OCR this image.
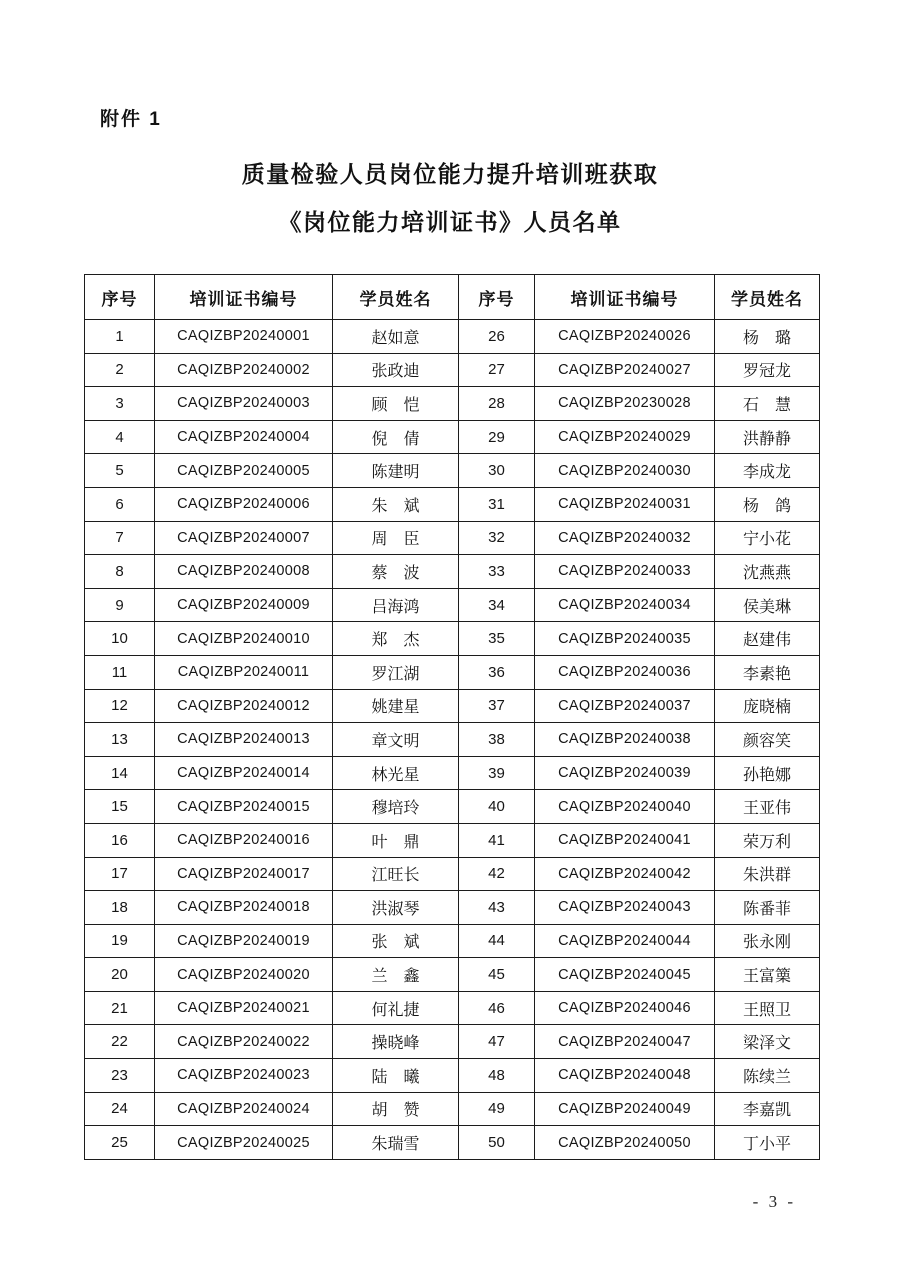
附件 1
质量检验人员岗位能力提升培训班获取
《岗位能力培训证书》人员名单
序号	培训证书编号	学员姓名	序号	培训证书编号	学员姓名
1	CAQIZBP20240001	赵如意	26	CAQIZBP20240026	杨　璐
2	CAQIZBP20240002	张政迪	27	CAQIZBP20240027	罗冠龙
3	CAQIZBP20240003	顾　恺	28	CAQIZBP20230028	石　慧
4	CAQIZBP20240004	倪　倩	29	CAQIZBP20240029	洪静静
5	CAQIZBP20240005	陈建明	30	CAQIZBP20240030	李成龙
6	CAQIZBP20240006	朱　斌	31	CAQIZBP20240031	杨　鸽
7	CAQIZBP20240007	周　臣	32	CAQIZBP20240032	宁小花
8	CAQIZBP20240008	蔡　波	33	CAQIZBP20240033	沈燕燕
9	CAQIZBP20240009	吕海鸿	34	CAQIZBP20240034	侯美琳
10	CAQIZBP20240010	郑　杰	35	CAQIZBP20240035	赵建伟
11	CAQIZBP20240011	罗江湖	36	CAQIZBP20240036	李素艳
12	CAQIZBP20240012	姚建星	37	CAQIZBP20240037	庞晓楠
13	CAQIZBP20240013	章文明	38	CAQIZBP20240038	颜容笑
14	CAQIZBP20240014	林光星	39	CAQIZBP20240039	孙艳娜
15	CAQIZBP20240015	穆培玲	40	CAQIZBP20240040	王亚伟
16	CAQIZBP20240016	叶　鼎	41	CAQIZBP20240041	荣万利
17	CAQIZBP20240017	江旺长	42	CAQIZBP20240042	朱洪群
18	CAQIZBP20240018	洪淑琴	43	CAQIZBP20240043	陈番菲
19	CAQIZBP20240019	张　斌	44	CAQIZBP20240044	张永刚
20	CAQIZBP20240020	兰　鑫	45	CAQIZBP20240045	王富篥
21	CAQIZBP20240021	何礼捷	46	CAQIZBP20240046	王照卫
22	CAQIZBP20240022	操晓峰	47	CAQIZBP20240047	梁泽文
23	CAQIZBP20240023	陆　曦	48	CAQIZBP20240048	陈续兰
24	CAQIZBP20240024	胡　赞	49	CAQIZBP20240049	李嘉凯
25	CAQIZBP20240025	朱瑞雪	50	CAQIZBP20240050	丁小平
- 3 -
